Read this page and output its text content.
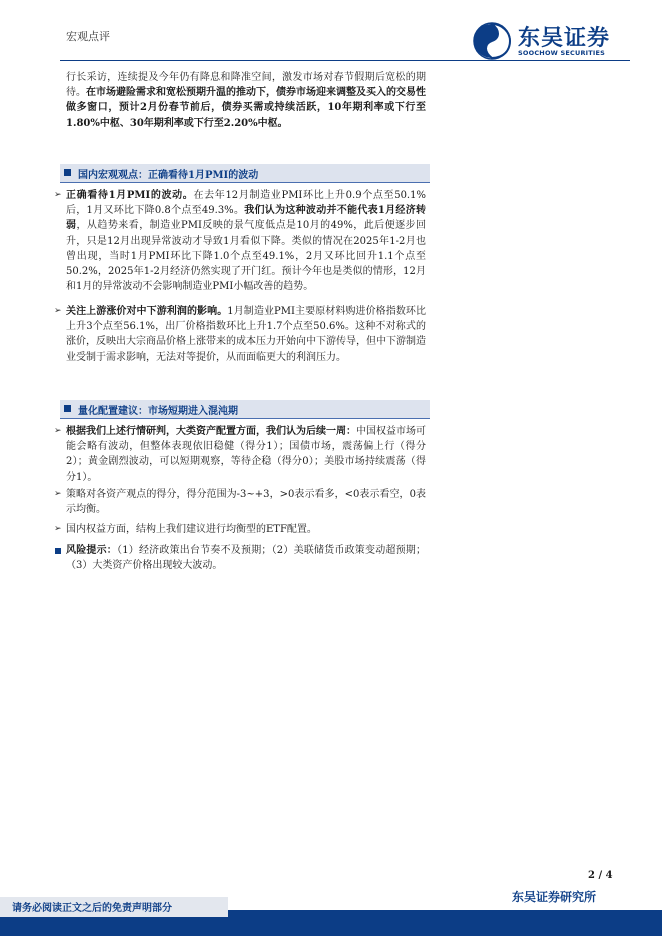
宏观点评	东吴证券
SOOCHOW SECURITIES
行长采访，连续提及今年仍有降息和降准空间，激发市场对春节假期后宽松的期待。在市场避险需求和宽松预期升温的推动下，债券市场迎来调整及买入的交易性做多窗口，预计2月份春节前后，债券买需或持续活跃，10年期利率或下行至1.80%中枢、30年期利率或下行至2.20%中枢。
国内宏观观点：正确看待1月PMI的波动
➢ 正确看待1月PMI的波动。在去年12月制造业PMI环比上升0.9个点至50.1%后，1月又环比下降0.8个点至49.3%。我们认为这种波动并不能代表1月经济转弱，从趋势来看，制造业PMI反映的景气度低点是10月的49%，此后便逐步回升，只是12月出现异常波动才导致1月看似下降。类似的情况在2025年1-2月也曾出现，当时1月PMI环比下降1.0个点至49.1%，2月又环比回升1.1个点至50.2%，2025年1-2月经济仍然实现了开门红。预计今年也是类似的情形，12月和1月的异常波动不会影响制造业PMI小幅改善的趋势。
➢ 关注上游涨价对中下游利润的影响。1月制造业PMI主要原材料购进价格指数环比上升3个点至56.1%，出厂价格指数环比上升1.7个点至50.6%。这种不对称式的涨价，反映出大宗商品价格上涨带来的成本压力开始向中下游传导，但中下游制造业受制于需求影响，无法对等提价，从而面临更大的利润压力。
量化配置建议：市场短期进入混沌期
➢ 根据我们上述行情研判，大类资产配置方面，我们认为后续一周：中国权益市场可能会略有波动，但整体表现依旧稳健（得分1）；国债市场，震荡偏上行（得分2）；黄金剧烈波动，可以短期观察，等待企稳（得分0）；美股市场持续震荡（得分1）。
➢ 策略对各资产观点的得分，得分范围为-3~+3，>0表示看多，<0表示看空，0表示均衡。
➢ 国内权益方面，结构上我们建议进行均衡型的ETF配置。
风险提示：（1）经济政策出台节奏不及预期；（2）美联储货币政策变动超预期；（3）大类资产价格出现较大波动。
2 / 4
东吴证券研究所
请务必阅读正文之后的免责声明部分
